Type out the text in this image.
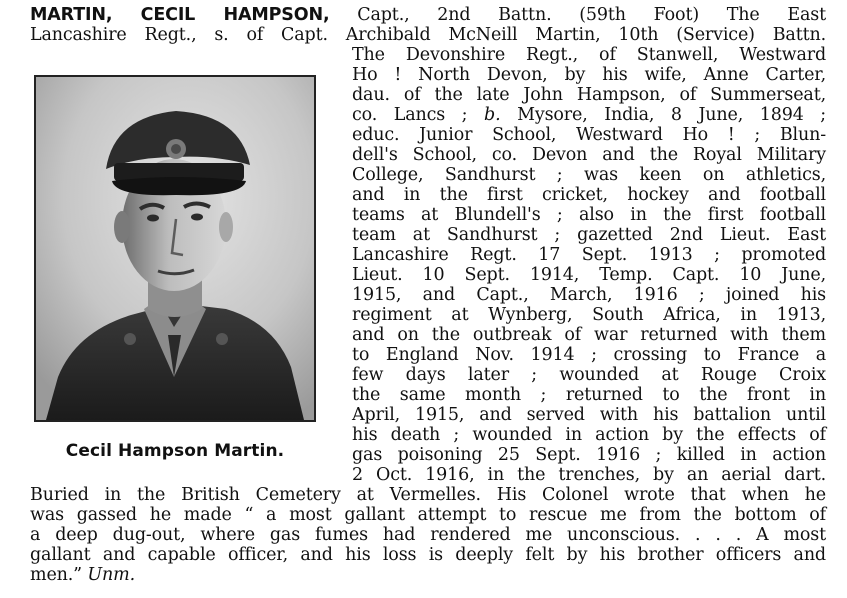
MARTIN, CECIL HAMPSON, Capt., 2nd Battn. (59th Foot) The East
Lancashire Regt., s. of Capt. Archibald McNeill Martin, 10th (Service) Battn.
The Devonshire Regt., of Stanwell, Westward
Ho ! North Devon, by his wife, Anne Carter,
dau. of the late John Hampson, of Summerseat,
co. Lancs ; b. Mysore, India, 8 June, 1894 ;
educ. Junior School, Westward Ho ! ; Blun-
dell's School, co. Devon and the Royal Military
College, Sandhurst ; was keen on athletics,
and in the first cricket, hockey and football
teams at Blundell's ; also in the first football
team at Sandhurst ; gazetted 2nd Lieut. East
Lancashire Regt. 17 Sept. 1913 ; promoted
Lieut. 10 Sept. 1914, Temp. Capt. 10 June,
1915, and Capt., March, 1916 ; joined his
regiment at Wynberg, South Africa, in 1913,
and on the outbreak of war returned with them
to England Nov. 1914 ; crossing to France a
few days later ; wounded at Rouge Croix
the same month ; returned to the front in
April, 1915, and served with his battalion until
his death ; wounded in action by the effects of
gas poisoning 25 Sept. 1916 ; killed in action
2 Oct. 1916, in the trenches, by an aerial dart.
Buried in the British Cemetery at Vermelles. His Colonel wrote that when he
was gassed he made “ a most gallant attempt to rescue me from the bottom of
a deep dug-out, where gas fumes had rendered me unconscious. . . . A most
gallant and capable officer, and his loss is deeply felt by his brother officers and
men.” Unm.
Cecil Hampson Martin.
